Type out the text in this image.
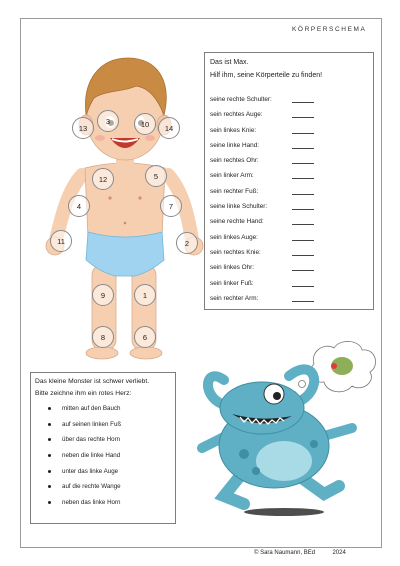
KÖRPERSCHEMA
3	10
13	14
12	5
4	7
11	2
9	1
8	6
Das ist Max.
Hilf ihm, seine Körperteile zu finden!
seine rechte Schulter:
sein rechtes Auge:
sein linkes Knie:
seine linke Hand:
sein rechtes Ohr:
sein linker Arm:
sein rechter Fuß:
seine linke Schulter:
seine rechte Hand:
sein linkes Auge:
sein rechtes Knie:
sein linkes Ohr:
sein linker Fuß:
sein rechter Arm:
Das kleine Monster ist schwer verliebt.
Bitte zeichne ihm ein rotes Herz:
mitten auf den Bauch
auf seinen linken Fuß
über das rechte Horn
neben die linke Hand
unter das linke Auge
auf die rechte Wange
neben das linke Horn
© Sara Naumann, BEd	2024
